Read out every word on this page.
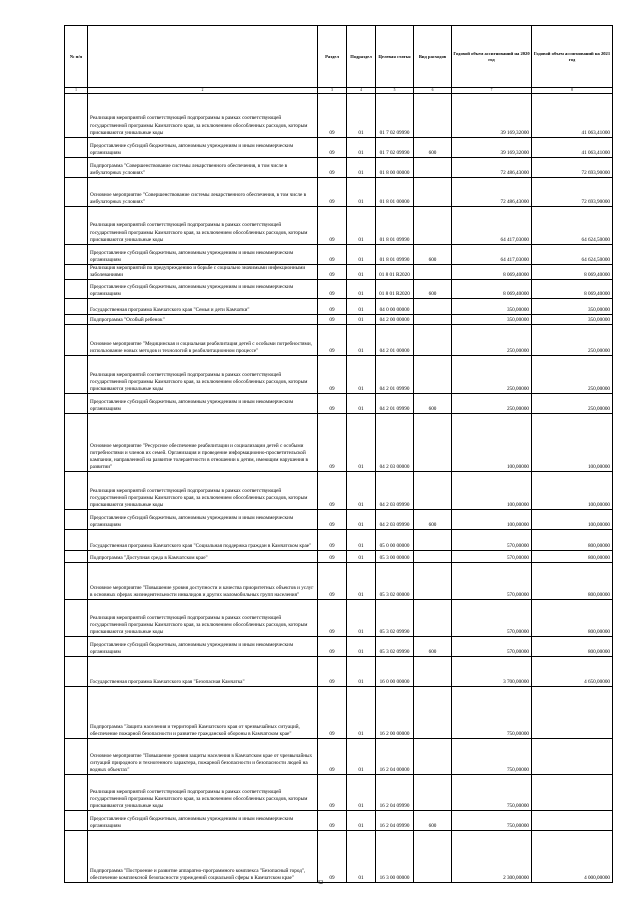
№ п/п		Раздел	Подраздел	Целевая статья	Вид расходов	Годовой объем ассигнований на 2020 год	Годовой объем ассигнований на 2021 год
1	2	3	4	5	6	7	8
	Реализация мероприятий соответствующей подпрограммы в рамках соответствующей государственной программы Камчатского края, за исключением обособленных расходов, которым присваиваются уникальные коды	09	01	01 7 02 09990		39 169,32000	41 063,41000
	Предоставление субсидий бюджетным, автономным учреждениям и иным некоммерческим организациям	09	01	01 7 02 09990	600	39 169,32000	41 063,41000
	Подпрограмма "Совершенствование системы лекарственного обеспечения, в том числе в амбулаторных условиях"	09	01	01 8 00 00000		72 486,43000	72 693,90000
	Основное мероприятие "Совершенствование системы лекарственного обеспечения, в том числе в амбулаторных условиях"	09	01	01 8 01 00000		72 486,43000	72 693,90000
	Реализация мероприятий соответствующей подпрограммы в рамках соответствующей государственной программы Камчатского края, за исключением обособленных расходов, которым присваиваются уникальные коды	09	01	01 8 01 09990		64 417,03000	64 624,50000
	Предоставление субсидий бюджетным, автономным учреждениям и иным некоммерческим организациям	09	01	01 8 01 09990	600	64 417,03000	64 624,50000
	Реализация мероприятий по предупреждению и борьбе с социально значимыми инфекционными заболеваниями	09	01	01 8 01 R2020		8 069,40000	8 069,40000
	Предоставление субсидий бюджетным, автономным учреждениям и иным некоммерческим организациям	09	01	01 8 01 R2020	600	8 069,40000	8 069,40000
	Государственная программа Камчатского края "Семья и дети Камчатки"	09	01	04 0 00 00000		350,00000	350,00000
	Подпрограмма "Особый ребенок"	09	01	04 2 00 00000		350,00000	350,00000
	Основное мероприятие "Медицинская и социальная реабилитация детей с особыми потребностями, использование новых методов и технологий в реабилитационном процессе"	09	01	04 2 01 00000		250,00000	250,00000
	Реализация мероприятий соответствующей подпрограммы в рамках соответствующей государственной программы Камчатского края, за исключением обособленных расходов, которым присваиваются уникальные коды	09	01	04 2 01 09990		250,00000	250,00000
	Предоставление субсидий бюджетным, автономным учреждениям и иным некоммерческим организациям	09	01	04 2 01 09990	600	250,00000	250,00000
	Основное мероприятие "Ресурсное обеспечение реабилитации и социализации детей с особыми потребностями и членов их семей. Организация и проведение информационно-просветительской кампании, направленной на развитие толерантности в отношении к детям, имеющим нарушения в развитии"	09	01	04 2 03 00000		100,00000	100,00000
	Реализация мероприятий соответствующей подпрограммы в рамках соответствующей государственной программы Камчатского края, за исключением обособленных расходов, которым присваиваются уникальные коды	09	01	04 2 03 09990		100,00000	100,00000
	Предоставление субсидий бюджетным, автономным учреждениям и иным некоммерческим организациям	09	01	04 2 03 09990	600	100,00000	100,00000
	Государственная программа Камчатского края "Социальная поддержка граждан в Камчатском крае"	09	01	05 0 00 00000		570,00000	800,00000
	Подпрограмма "Доступная среда в Камчатском крае"	09	01	05 3 00 00000		570,00000	800,00000
	Основное мероприятие "Повышение уровня доступности и качества приоритетных объектов и услуг в основных сферах жизнедеятельности инвалидов и других маломобильных групп населения"	09	01	05 3 02 00000		570,00000	800,00000
	Реализация мероприятий соответствующей подпрограммы в рамках соответствующей государственной программы Камчатского края, за исключением обособленных расходов, которым присваиваются уникальные коды	09	01	05 3 02 09990		570,00000	800,00000
	Предоставление субсидий бюджетным, автономным учреждениям и иным некоммерческим организациям	09	01	05 3 02 09990	600	570,00000	800,00000
	Государственная программа Камчатского края "Безопасная Камчатка"	09	01	16 0 00 00000		3 700,00000	4 650,00000
	Подпрограмма "Защита населения и территорий Камчатского края от чрезвычайных ситуаций, обеспечение пожарной безопасности и развитие гражданской обороны в Камчатском крае"	09	01	16 2 00 00000		750,00000	
	Основное мероприятие "Повышение уровня защиты населения в Камчатском крае от чрезвычайных ситуаций природного и техногенного характера, пожарной безопасности и безопасности людей на водных объектах"	09	01	16 2 04 00000		750,00000	
	Реализация мероприятий соответствующей подпрограммы в рамках соответствующей государственной программы Камчатского края, за исключением обособленных расходов, которым присваиваются уникальные коды	09	01	16 2 04 09990		750,00000	
	Предоставление субсидий бюджетным, автономным учреждениям и иным некоммерческим организациям	09	01	16 2 04 09990	600	750,00000	
	Подпрограмма "Построение и развитие аппаратно-программного комплекса "Безопасный город", обеспечение комплексной безопасности учреждений социальной сферы в Камчатском крае"	09	01	16 3 00 00000		2 300,00000	4 000,00000
42
